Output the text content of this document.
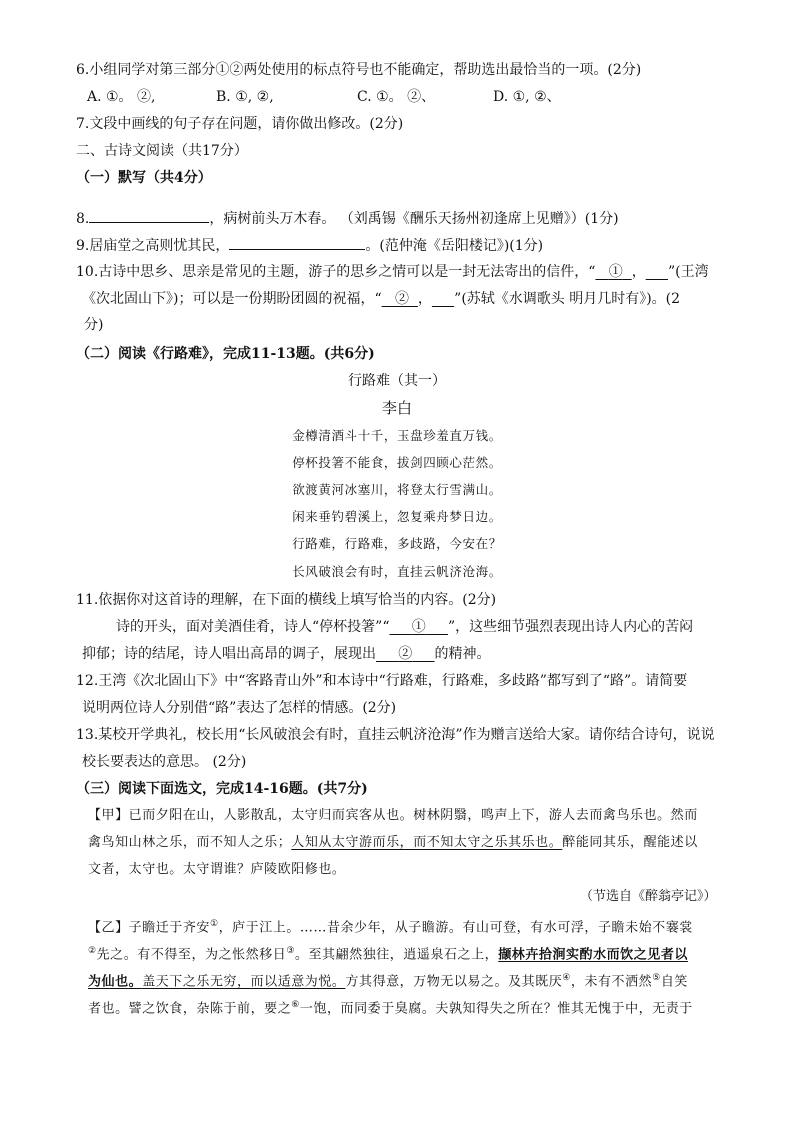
6.小组同学对第三部分①②两处使用的标点符号也不能确定，帮助选出最恰当的一项。(2分)
A. ①。 ②,	B. ①, ②,	C. ①。 ②、	D. ①, ②、
7.文段中画线的句子存在问题，请你做出修改。(2分)
二、古诗文阅读（共17分）
（一）默写（共4分）
8.	，病树前头万木春。 （刘禹锡《酬乐天扬州初逢席上见赠》）(1分)
9.居庙堂之高则忧其民，	。(范仲淹《岳阳楼记》)(1分)
10.古诗中思乡、思亲是常见的主题，游子的思乡之情可以是一封无法寄出的信件，“ ① ， ”(王湾
《次北固山下》)；可以是一份期盼团圆的祝福，“ ② ， ”(苏轼《水调歌头 明月几时有》)。(2
分)
（二）阅读《行路难》，完成11-13题。(共6分)
行路难（其一）
李白
金樽清酒斗十千，玉盘珍羞直万钱。
停杯投箸不能食，拔剑四顾心茫然。
欲渡黄河冰塞川，将登太行雪满山。
闲来垂钓碧溪上，忽复乘舟梦日边。
行路难，行路难，多歧路，今安在？
长风破浪会有时，直挂云帆济沧海。
11.依据你对这首诗的理解，在下面的横线上填写恰当的内容。(2分)
诗的开头，面对美酒佳肴，诗人“停杯投箸”“ ① ”，这些细节强烈表现出诗人内心的苦闷
抑郁；诗的结尾，诗人唱出高昂的调子，展现出 ② 的精神。
12.王湾《次北固山下》中“客路青山外”和本诗中“行路难，行路难，多歧路”都写到了“路”。请简要
说明两位诗人分别借“路”表达了怎样的情感。(2分)
13.某校开学典礼，校长用“长风破浪会有时，直挂云帆济沧海”作为赠言送给大家。请你结合诗句，说说
校长要表达的意思。 (2分)
（三）阅读下面选文，完成14-16题。(共7分)
【甲】已而夕阳在山，人影散乱，太守归而宾客从也。树林阴翳，鸣声上下，游人去而禽鸟乐也。然而
禽鸟知山林之乐，而不知人之乐；人知从太守游而乐，而不知太守之乐其乐也。醉能同其乐，醒能述以
文者，太守也。太守谓谁？庐陵欧阳修也。
（节选自《醉翁亭记》）
【乙】子瞻迁于齐安①，庐于江上。……昔余少年，从子瞻游。有山可登，有水可浮，子瞻未始不褰裳
②先之。有不得至，为之怅然移日③。至其翩然独往，逍遥泉石之上，撷林卉拾涧实酌水而饮之见者以
为仙也。盖天下之乐无穷，而以适意为悦。方其得意，万物无以易之。及其既厌④，未有不洒然⑤自笑
者也。譬之饮食，杂陈于前，要之⑥一饱，而同委于臭腐。夫孰知得失之所在？惟其无愧于中，无责于
